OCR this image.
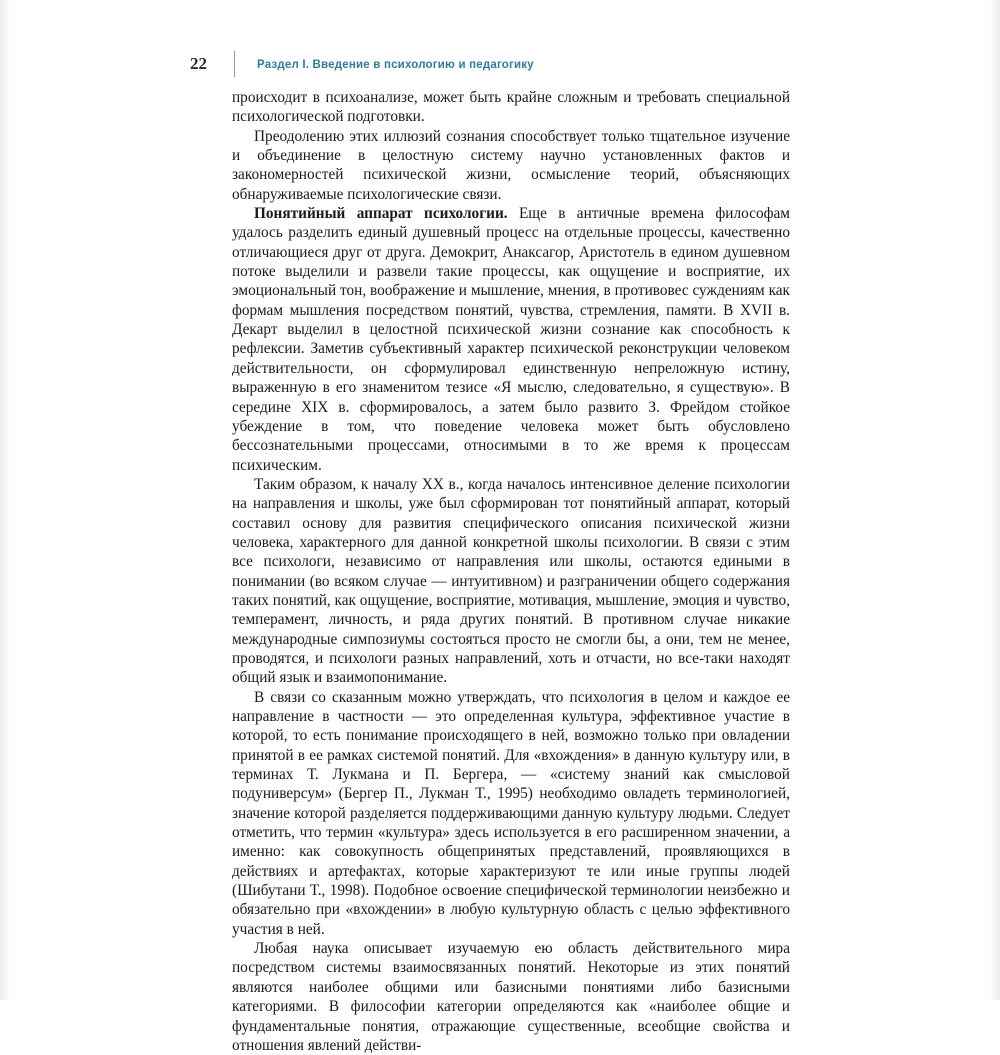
22	Раздел I. Введение в психологию и педагогику

происходит в психоанализе, может быть крайне сложным и требовать специальной психологической подготовки.

Преодолению этих иллюзий сознания способствует только тщательное изучение и объединение в целостную систему научно установленных фактов и закономерностей психической жизни, осмысление теорий, объясняющих обнаруживаемые психологические связи.

Понятийный аппарат психологии. Еще в античные времена философам удалось разделить единый душевный процесс на отдельные процессы, качественно отличающиеся друг от друга. Демокрит, Анаксагор, Аристотель в едином душевном потоке выделили и развели такие процессы, как ощущение и восприятие, их эмоциональный тон, воображение и мышление, мнения, в противовес суждениям как формам мышления посредством понятий, чувства, стремления, памяти. В XVII в. Декарт выделил в целостной психической жизни сознание как способность к рефлексии. Заметив субъективный характер психической реконструкции человеком действительности, он сформулировал единственную непреложную истину, выраженную в его знаменитом тезисе «Я мыслю, следовательно, я существую». В середине XIX в. сформировалось, а затем было развито З. Фрейдом стойкое убеждение в том, что поведение человека может быть обусловлено бессознательными процессами, относимыми в то же время к процессам психическим.

Таким образом, к началу XX в., когда началось интенсивное деление психологии на направления и школы, уже был сформирован тот понятийный аппарат, который составил основу для развития специфического описания психической жизни человека, характерного для данной конкретной школы психологии. В связи с этим все психологи, независимо от направления или школы, остаются едиными в понимании (во всяком случае — интуитивном) и разграничении общего содержания таких понятий, как ощущение, восприятие, мотивация, мышление, эмоция и чувство, темперамент, личность, и ряда других понятий. В противном случае никакие международные симпозиумы состояться просто не смогли бы, а они, тем не менее, проводятся, и психологи разных направлений, хоть и отчасти, но все-таки находят общий язык и взаимопонимание.

В связи со сказанным можно утверждать, что психология в целом и каждое ее направление в частности — это определенная культура, эффективное участие в которой, то есть понимание происходящего в ней, возможно только при овладении принятой в ее рамках системой понятий. Для «вхождения» в данную культуру или, в терминах Т. Лукмана и П. Бергера, — «систему знаний как смысловой подуниверсум» (Бергер П., Лукман Т., 1995) необходимо овладеть терминологией, значение которой разделяется поддерживающими данную культуру людьми. Следует отметить, что термин «культура» здесь используется в его расширенном значении, а именно: как совокупность общепринятых представлений, проявляющихся в действиях и артефактах, которые характеризуют те или иные группы людей (Шибутани Т., 1998). Подобное освоение специфической терминологии неизбежно и обязательно при «вхождении» в любую культурную область с целью эффективного участия в ней.

Любая наука описывает изучаемую ею область действительного мира посредством системы взаимосвязанных понятий. Некоторые из этих понятий являются наиболее общими или базисными понятиями либо базисными категориями. В философии категории определяются как «наиболее общие и фундаментальные понятия, отражающие существенные, всеобщие свойства и отношения явлений действи-
